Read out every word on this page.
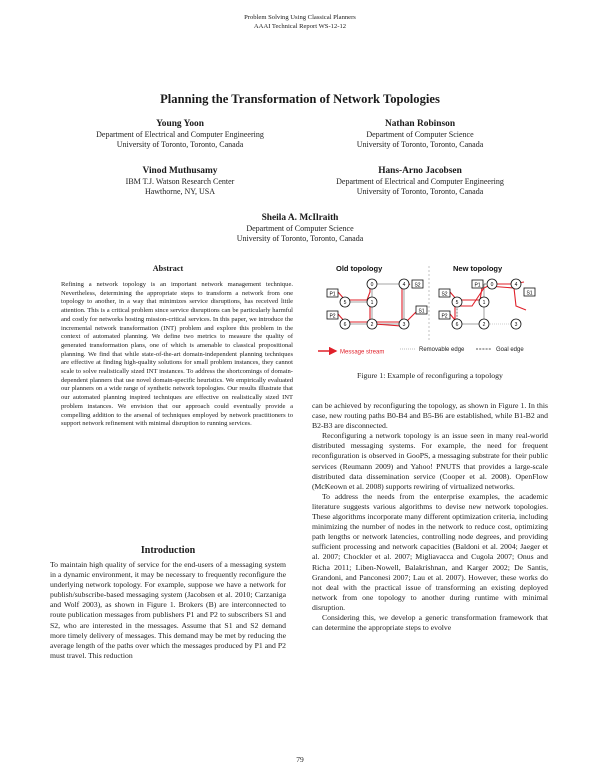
Problem Solving Using Classical Planners
AAAI Technical Report WS-12-12
Planning the Transformation of Network Topologies
Young Yoon
Department of Electrical and Computer Engineering
University of Toronto, Toronto, Canada
Nathan Robinson
Department of Computer Science
University of Toronto, Toronto, Canada
Vinod Muthusamy
IBM T.J. Watson Research Center
Hawthorne, NY, USA
Hans-Arno Jacobsen
Department of Electrical and Computer Engineering
University of Toronto, Toronto, Canada
Sheila A. McIlraith
Department of Computer Science
University of Toronto, Toronto, Canada
Abstract

Refining a network topology is an important network management technique. Nevertheless, determining the appropriate steps to transform a network from one topology to another, in a way that minimizes service disruptions, has received little attention. This is a critical problem since service disruptions can be particularly harmful and costly for networks hosting mission-critical services. In this paper, we introduce the incremental network transformation (INT) problem and explore this problem in the context of automated planning. We define two metrics to measure the quality of generated transformation plans, one of which is amenable to classical propositional planning. We find that while state-of-the-art domain-independent planning techniques are effective at finding high-quality solutions for small problem instances, they cannot scale to solve realistically sized INT instances. To address the shortcomings of domain-dependent planners that use novel domain-specific heuristics. We empirically evaluated our planners on a wide range of synthetic network topologies. Our results illustrate that our automated planning inspired techniques are effective on realistically sized INT problem instances. We envision that our approach could eventually provide a compelling addition to the arsenal of techniques employed by network practitioners to support network refinement with minimal disruption to running services.

Introduction

To maintain high quality of service for the end-users of a messaging system in a dynamic environment, it may be necessary to frequently reconfigure the underlying network topology. For example, suppose we have a network for publish/subscribe-based messaging system (Jacobsen et al. 2010; Carzaniga and Wolf 2003), as shown in Figure 1. Brokers (B) are interconnected to route publication messages from publishers P1 and P2 to subscribers S1 and S2, who are interested in the messages. Assume that S1 and S2 demand more timely delivery of messages. This demand may be met by reducing the average length of the paths over which the messages produced by P1 and P2 must travel. This reduction

Old topology	New topology
P1
P2
S2
S1
0	4
5	1
6	2	3
S2
P2
P1
S1
0	4
5	1
6	2	3
Message stream	Removable edge	Goal edge
Figure 1: Example of reconfiguring a topology

can be achieved by reconfiguring the topology, as shown in Figure 1. In this case, new routing paths B0-B4 and B5-B6 are established, while B1-B2 and B2-B3 are disconnected.

Reconfiguring a network topology is an issue seen in many real-world distributed messaging systems. For example, the need for frequent reconfiguration is observed in GooPS, a messaging substrate for their public services (Reumann 2009) and Yahoo! PNUTS that provides a large-scale distributed data dissemination service (Cooper et al. 2008). OpenFlow (McKeown et al. 2008) supports rewiring of virtualized networks.

To address the needs from the enterprise examples, the academic literature suggests various algorithms to devise new network topologies. These algorithms incorporate many different optimization criteria, including minimizing the number of nodes in the network to reduce cost, optimizing path lengths or network latencies, controlling node degrees, and providing sufficient processing and network capacities (Baldoni et al. 2004; Jaeger et al. 2007; Chockler et al. 2007; Migliavacca and Cugola 2007; Onus and Richa 2011; Liben-Nowell, Balakrishnan, and Karger 2002; De Santis, Grandoni, and Panconesi 2007; Lau et al. 2007). However, these works do not deal with the practical issue of transforming an existing deployed network from one topology to another during runtime with minimal disruption.

Considering this, we develop a generic transformation framework that can determine the appropriate steps to evolve

79
